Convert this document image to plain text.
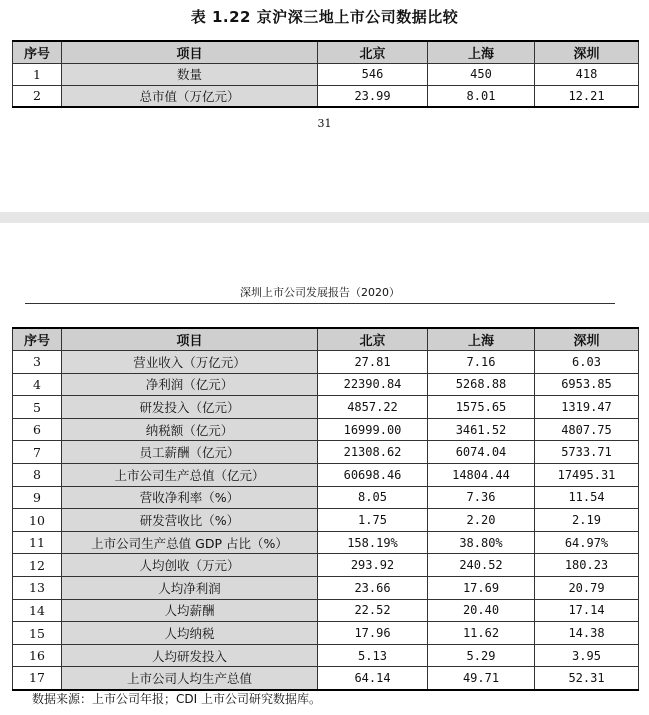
表 1.22 京沪深三地上市公司数据比较
序号	项目	北京	上海	深圳
1	数量	546	450	418
2	总市值（万亿元）	23.99	8.01	12.21
31
深圳上市公司发展报告（2020）
序号	项目	北京	上海	深圳
3	营业收入（万亿元）	27.81	7.16	6.03
4	净利润（亿元）	22390.84	5268.88	6953.85
5	研发投入（亿元）	4857.22	1575.65	1319.47
6	纳税额（亿元）	16999.00	3461.52	4807.75
7	员工薪酬（亿元）	21308.62	6074.04	5733.71
8	上市公司生产总值（亿元）	60698.46	14804.44	17495.31
9	营收净利率（%）	8.05	7.36	11.54
10	研发营收比（%）	1.75	2.20	2.19
11	上市公司生产总值 GDP 占比（%）	158.19%	38.80%	64.97%
12	人均创收（万元）	293.92	240.52	180.23
13	人均净利润	23.66	17.69	20.79
14	人均薪酬	22.52	20.40	17.14
15	人均纳税	17.96	11.62	14.38
16	人均研发投入	5.13	5.29	3.95
17	上市公司人均生产总值	64.14	49.71	52.31
数据来源：上市公司年报；CDI 上市公司研究数据库。
